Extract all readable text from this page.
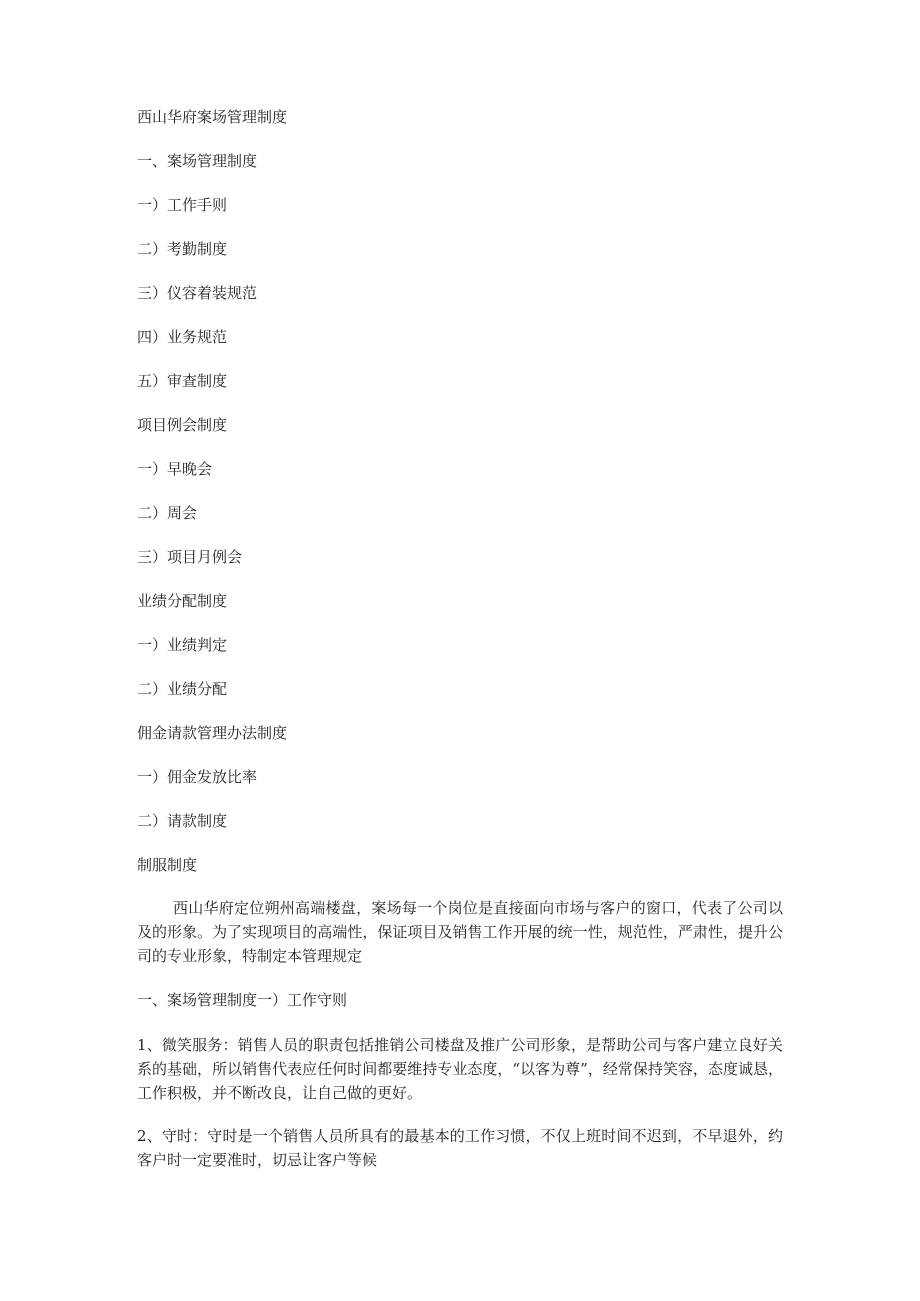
西山华府案场管理制度

一、案场管理制度

一）工作手则

二）考勤制度

三）仪容着装规范

四）业务规范

五）审查制度

项目例会制度

一）早晚会

二）周会

三）项目月例会

业绩分配制度

一）业绩判定

二）业绩分配

佣金请款管理办法制度

一）佣金发放比率

二）请款制度

制服制度

西山华府定位朔州高端楼盘，案场每一个岗位是直接面向市场与客户的窗口，代表了公司以及的形象。为了实现项目的高端性，保证项目及销售工作开展的统一性，规范性，严肃性，提升公司的专业形象，特制定本管理规定

一、案场管理制度一）工作守则

1、微笑服务：销售人员的职责包括推销公司楼盘及推广公司形象，是帮助公司与客户建立良好关系的基础，所以销售代表应任何时间都要维持专业态度，“以客为尊”，经常保持笑容，态度诚恳，工作积极，并不断改良，让自己做的更好。

2、守时：守时是一个销售人员所具有的最基本的工作习惯，不仅上班时间不迟到，不早退外，约客户时一定要准时，切忌让客户等候
